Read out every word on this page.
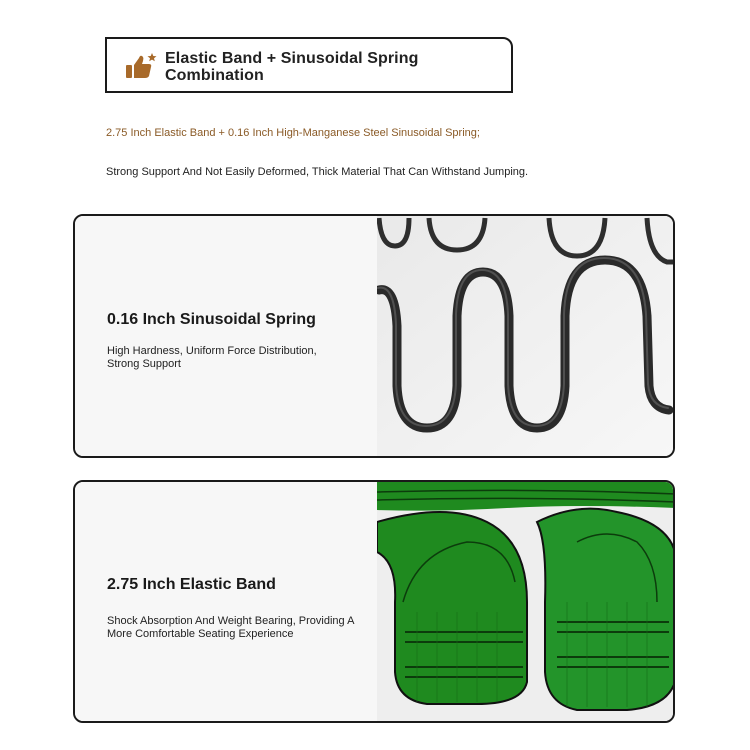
Elastic Band + Sinusoidal Spring
Combination
2.75 Inch Elastic Band + 0.16 Inch High-Manganese Steel Sinusoidal Spring;
Strong Support And Not Easily Deformed, Thick Material That Can Withstand Jumping.
0.16 Inch Sinusoidal Spring
High Hardness, Uniform Force Distribution,
Strong Support
2.75 Inch Elastic Band
Shock Absorption And Weight Bearing, Providing A
More Comfortable Seating Experience
